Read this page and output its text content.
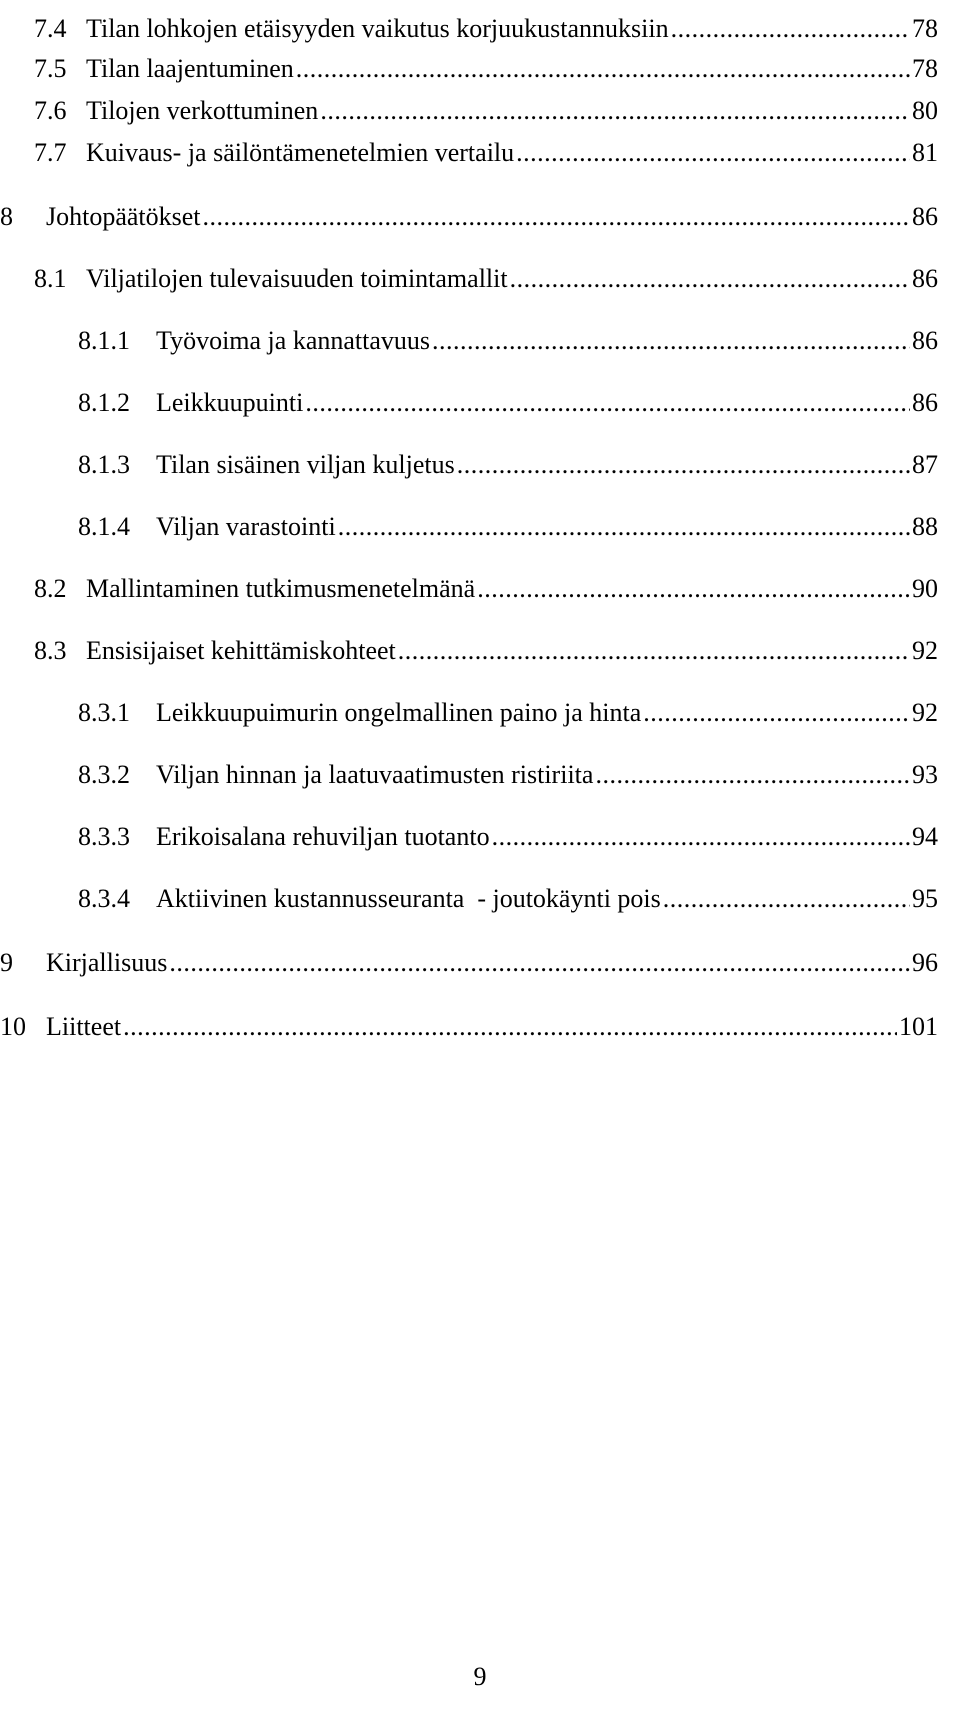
7.4 Tilan lohkojen etäisyyden vaikutus korjuukustannuksiin .....	78
7.5 Tilan laajentuminen .....	78
7.6 Tilojen verkottuminen .....	80
7.7 Kuivaus- ja säilöntämenetelmien vertailu .....	81
8	Johtopäätökset .....	86
8.1 Viljatilojen tulevaisuuden toimintamallit .....	86
8.1.1	Työvoima ja kannattavuus .....	86
8.1.2	Leikkuupuinti .....	86
8.1.3	Tilan sisäinen viljan kuljetus .....	87
8.1.4	Viljan varastointi .....	88
8.2 Mallintaminen tutkimusmenetelmänä .....	90
8.3 Ensisijaiset kehittämiskohteet .....	92
8.3.1	Leikkuupuimurin ongelmallinen paino ja hinta .....	92
8.3.2	Viljan hinnan ja laatuvaatimusten ristiriita .....	93
8.3.3	Erikoisalana rehuviljan tuotanto .....	94
8.3.4	Aktiivinen kustannusseuranta  - joutokäynti pois .....	95
9	Kirjallisuus .....	96
10 Liitteet .....	101
9
